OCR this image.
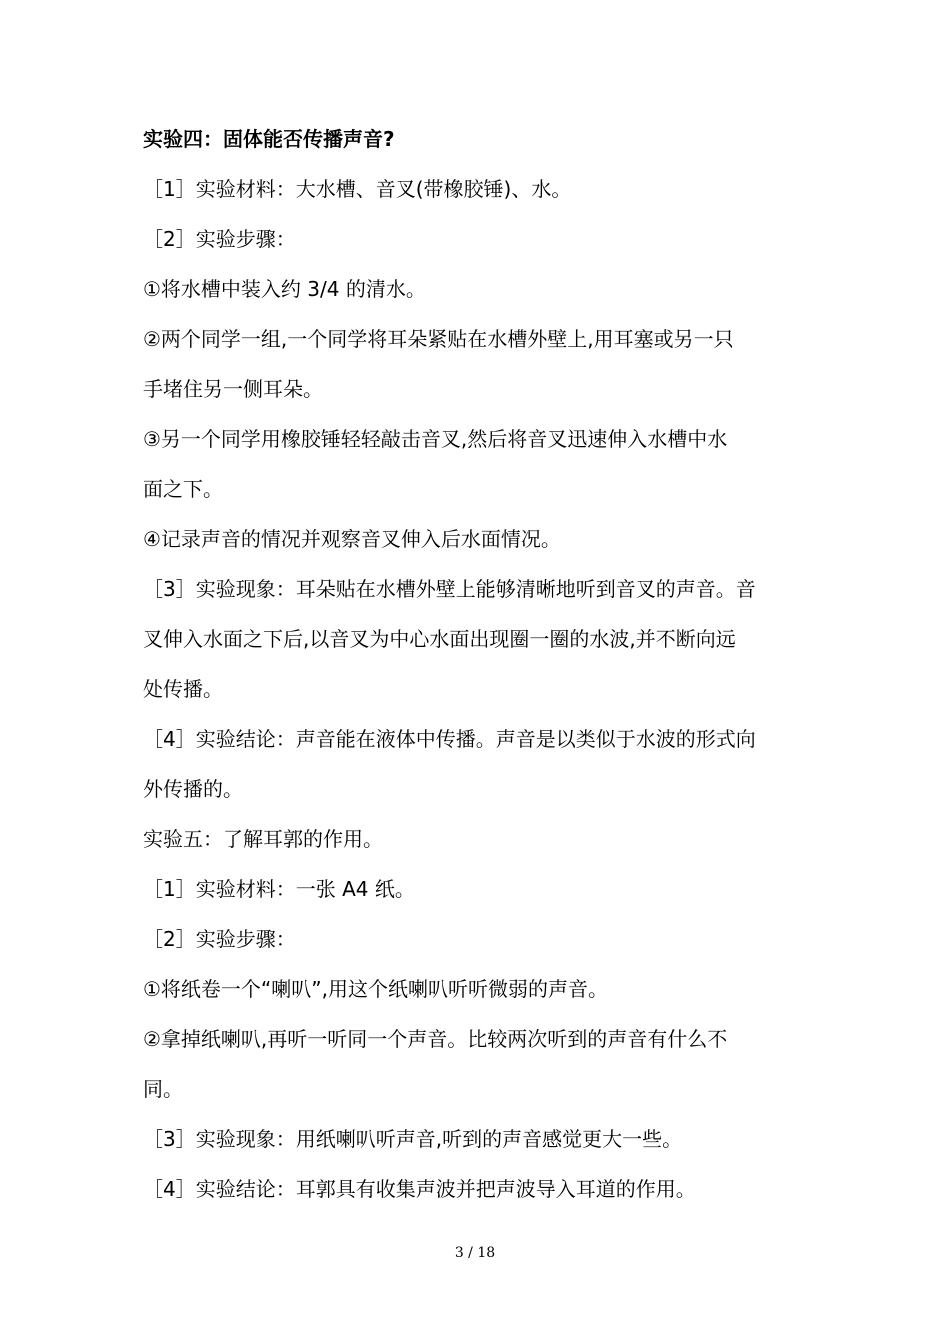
实验四：固体能否传播声音?
［1］实验材料：大水槽、音叉(带橡胶锤)、水。
［2］实验步骤：
①将水槽中装入约 3/4 的清水。
②两个同学一组,一个同学将耳朵紧贴在水槽外壁上,用耳塞或另一只
手堵住另一侧耳朵。
③另一个同学用橡胶锤轻轻敲击音叉,然后将音叉迅速伸入水槽中水
面之下。
④记录声音的情况并观察音叉伸入后水面情况。
［3］实验现象：耳朵贴在水槽外壁上能够清晰地听到音叉的声音。音
叉伸入水面之下后,以音叉为中心水面出现圈一圈的水波,并不断向远
处传播。
［4］实验结论：声音能在液体中传播。声音是以类似于水波的形式向
外传播的。
实验五：了解耳郭的作用。
［1］实验材料：一张 A4 纸。
［2］实验步骤：
①将纸卷一个“喇叭”,用这个纸喇叭听听微弱的声音。
②拿掉纸喇叭,再听一听同一个声音。比较两次听到的声音有什么不
同。
［3］实验现象：用纸喇叭听声音,听到的声音感觉更大一些。
［4］实验结论：耳郭具有收集声波并把声波导入耳道的作用。
3 / 18
